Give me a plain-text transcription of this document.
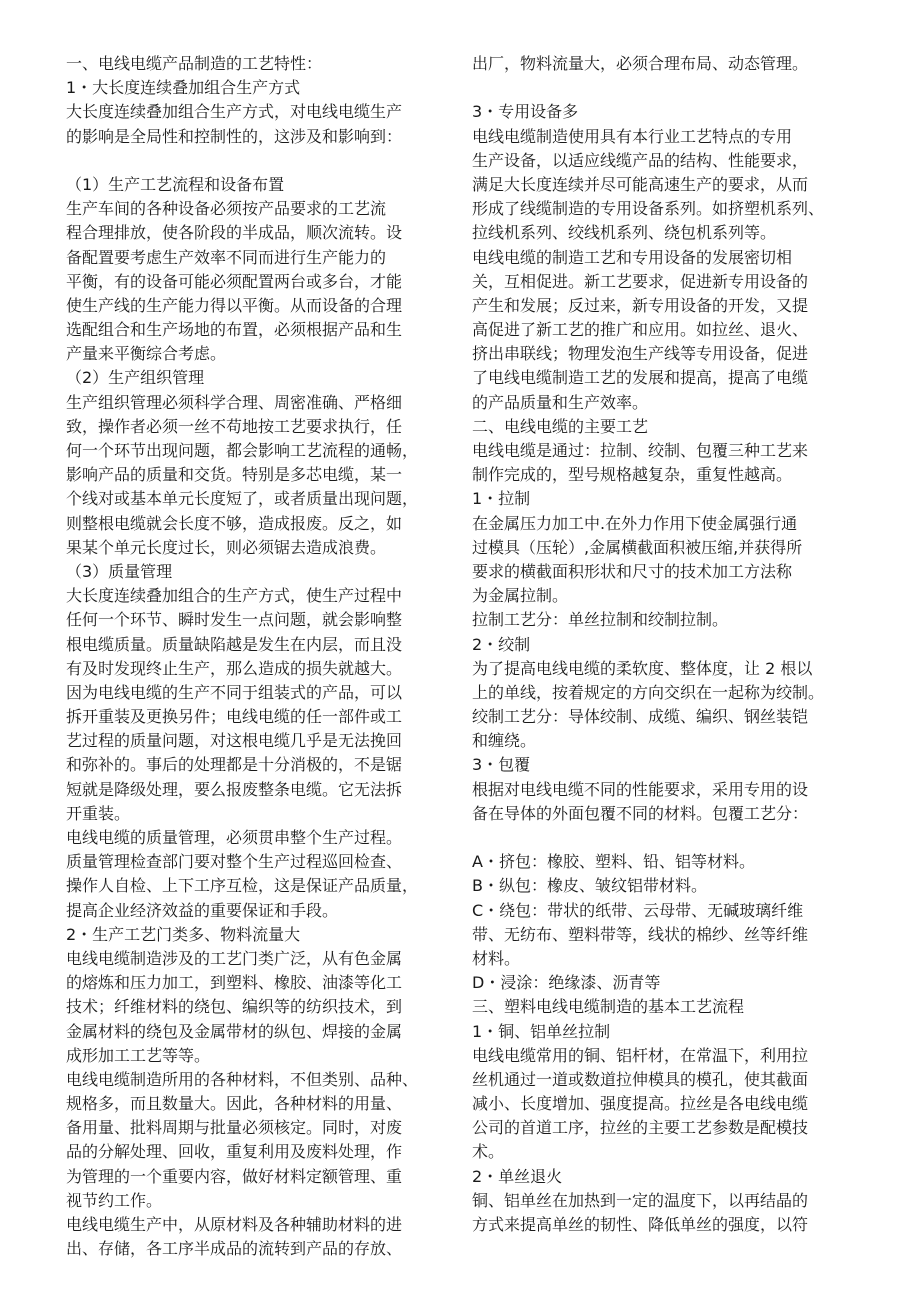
一、电线电缆产品制造的工艺特性：
1・大长度连续叠加组合生产方式
大长度连续叠加组合生产方式，对电线电缆生产
的影响是全局性和控制性的，这涉及和影响到：
（1）生产工艺流程和设备布置
生产车间的各种设备必须按产品要求的工艺流
程合理排放，使各阶段的半成品，顺次流转。设
备配置要考虑生产效率不同而进行生产能力的
平衡，有的设备可能必须配置两台或多台，才能
使生产线的生产能力得以平衡。从而设备的合理
选配组合和生产场地的布置，必须根据产品和生
产量来平衡综合考虑。
（2）生产组织管理
生产组织管理必须科学合理、周密准确、严格细
致，操作者必须一丝不苟地按工艺要求执行，任
何一个环节出现问题，都会影响工艺流程的通畅，
影响产品的质量和交货。特别是多芯电缆，某一
个线对或基本单元长度短了，或者质量出现问题，
则整根电缆就会长度不够，造成报废。反之，如
果某个单元长度过长，则必须锯去造成浪费。
（3）质量管理
大长度连续叠加组合的生产方式，使生产过程中
任何一个环节、瞬时发生一点问题，就会影响整
根电缆质量。质量缺陷越是发生在内层，而且没
有及时发现终止生产，那么造成的损失就越大。
因为电线电缆的生产不同于组装式的产品，可以
拆开重装及更换另件；电线电缆的任一部件或工
艺过程的质量问题，对这根电缆几乎是无法挽回
和弥补的。事后的处理都是十分消极的，不是锯
短就是降级处理，要么报废整条电缆。它无法拆
开重装。
电线电缆的质量管理，必须贯串整个生产过程。
质量管理检查部门要对整个生产过程巡回检查、
操作人自检、上下工序互检，这是保证产品质量，
提高企业经济效益的重要保证和手段。
2・生产工艺门类多、物料流量大
电线电缆制造涉及的工艺门类广泛，从有色金属
的熔炼和压力加工，到塑料、橡胶、油漆等化工
技术；纤维材料的绕包、编织等的纺织技术，到
金属材料的绕包及金属带材的纵包、焊接的金属
成形加工工艺等等。
电线电缆制造所用的各种材料，不但类别、品种、
规格多，而且数量大。因此，各种材料的用量、
备用量、批料周期与批量必须核定。同时，对废
品的分解处理、回收，重复利用及废料处理，作
为管理的一个重要内容，做好材料定额管理、重
视节约工作。
电线电缆生产中，从原材料及各种辅助材料的进
出、存储，各工序半成品的流转到产品的存放、
出厂，物料流量大，必须合理布局、动态管理。
3・专用设备多
电线电缆制造使用具有本行业工艺特点的专用
生产设备，以适应线缆产品的结构、性能要求，
满足大长度连续并尽可能高速生产的要求，从而
形成了线缆制造的专用设备系列。如挤塑机系列、
拉线机系列、绞线机系列、绕包机系列等。
电线电缆的制造工艺和专用设备的发展密切相
关，互相促进。新工艺要求，促进新专用设备的
产生和发展；反过来，新专用设备的开发，又提
高促进了新工艺的推广和应用。如拉丝、退火、
挤出串联线；物理发泡生产线等专用设备，促进
了电线电缆制造工艺的发展和提高，提高了电缆
的产品质量和生产效率。
二、电线电缆的主要工艺
电线电缆是通过：拉制、绞制、包覆三种工艺来
制作完成的，型号规格越复杂，重复性越高。
1・拉制
在金属压力加工中.在外力作用下使金属强行通
过模具（压轮）,金属横截面积被压缩,并获得所
要求的横截面积形状和尺寸的技术加工方法称
为金属拉制。
拉制工艺分：单丝拉制和绞制拉制。
2・绞制
为了提高电线电缆的柔软度、整体度，让 2 根以
上的单线，按着规定的方向交织在一起称为绞制。
绞制工艺分：导体绞制、成缆、编织、钢丝装铠
和缠绕。
3・包覆
根据对电线电缆不同的性能要求，采用专用的设
备在导体的外面包覆不同的材料。包覆工艺分：
A・挤包：橡胶、塑料、铅、铝等材料。
B・纵包：橡皮、皱纹铝带材料。
C・绕包：带状的纸带、云母带、无碱玻璃纤维
带、无纺布、塑料带等，线状的棉纱、丝等纤维
材料。
D・浸涂：绝缘漆、沥青等
三、塑料电线电缆制造的基本工艺流程
1・铜、铝单丝拉制
电线电缆常用的铜、铝杆材，在常温下，利用拉
丝机通过一道或数道拉伸模具的模孔，使其截面
减小、长度增加、强度提高。拉丝是各电线电缆
公司的首道工序，拉丝的主要工艺参数是配模技
术。
2・单丝退火
铜、铝单丝在加热到一定的温度下，以再结晶的
方式来提高单丝的韧性、降低单丝的强度，以符
